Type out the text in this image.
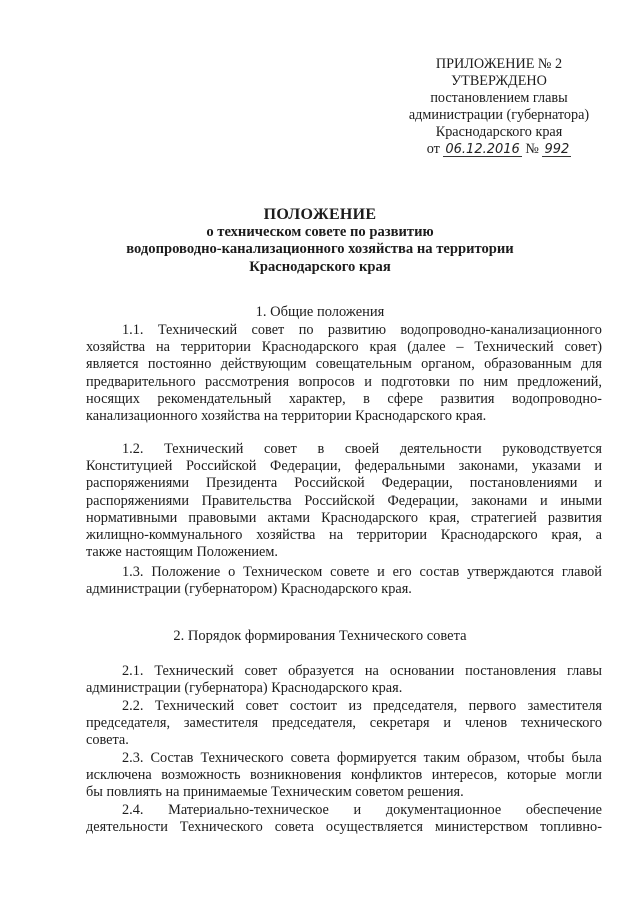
ПРИЛОЖЕНИЕ № 2
УТВЕРЖДЕНО
постановлением главы
администрации (губернатора)
Краснодарского края
от 06.12.2016 № 992
ПОЛОЖЕНИЕ
о техническом совете по развитию
водопроводно-канализационного хозяйства на территории
Краснодарского края
1. Общие положения
1.1. Технический совет по развитию водопроводно-канализационного
хозяйства на территории Краснодарского края (далее – Технический совет)
является постоянно действующим совещательным органом, образованным для
предварительного рассмотрения вопросов и подготовки по ним предложений,
носящих рекомендательный характер, в сфере развития водопроводно-
канализационного хозяйства на территории Краснодарского края.
1.2. Технический совет в своей деятельности руководствуется
Конституцией Российской Федерации, федеральными законами, указами и
распоряжениями Президента Российской Федерации, постановлениями и
распоряжениями Правительства Российской Федерации, законами и иными
нормативными правовыми актами Краснодарского края, стратегией развития
жилищно-коммунального хозяйства на территории Краснодарского края, а
также настоящим Положением.
1.3. Положение о Техническом совете и его состав утверждаются главой
администрации (губернатором) Краснодарского края.
2. Порядок формирования Технического совета
2.1. Технический совет образуется на основании постановления главы
администрации (губернатора) Краснодарского края.
2.2. Технический совет состоит из председателя, первого заместителя
председателя, заместителя председателя, секретаря и членов технического
совета.
2.3. Состав Технического совета формируется таким образом, чтобы была
исключена возможность возникновения конфликтов интересов, которые могли
бы повлиять на принимаемые Техническим советом решения.
2.4. Материально-техническое и документационное обеспечение
деятельности Технического совета осуществляется министерством топливно-
